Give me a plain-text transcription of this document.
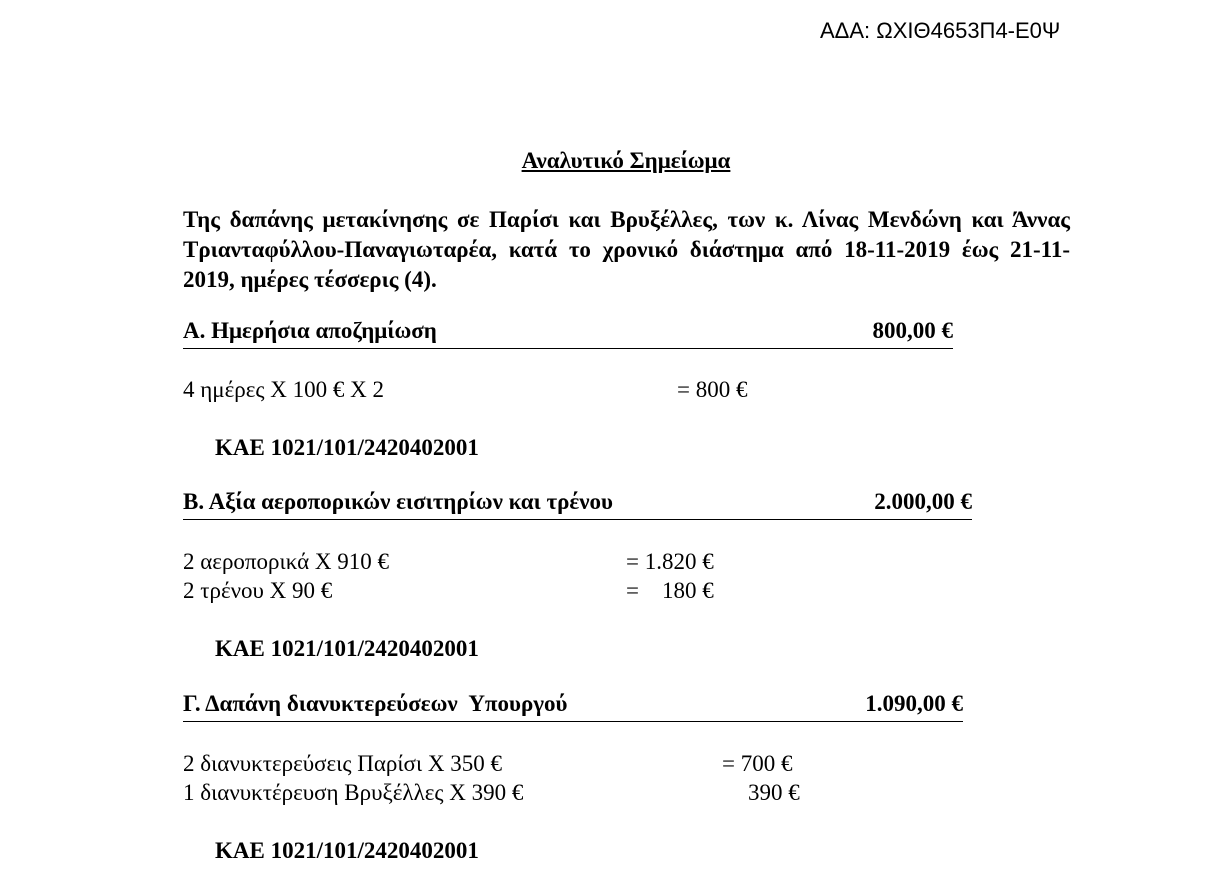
ΑΔΑ: ΩΧΙΘ4653Π4-Ε0Ψ
Αναλυτικό Σημείωμα
Της δαπάνης μετακίνησης σε Παρίσι και Βρυξέλλες, των κ. Λίνας Μενδώνη και Άννας Τριανταφύλλου-Παναγιωταρέα, κατά το χρονικό διάστημα από 18-11-2019 έως 21-11-2019, ημέρες τέσσερις (4).
Α. Ημερήσια αποζημίωση	800,00 €
4 ημέρες Χ 100 € Χ 2	= 800 €
ΚΑΕ 1021/101/2420402001
Β. Αξία αεροπορικών εισιτηρίων και τρένου	2.000,00 €
2 αεροπορικά Χ 910 €	= 1.820 €
2 τρένου Χ 90 €	=    180 €
ΚΑΕ 1021/101/2420402001
Γ. Δαπάνη διανυκτερεύσεων  Υπουργού	1.090,00 €
2 διανυκτερεύσεις Παρίσι Χ 350 €	= 700 €
1 διανυκτέρευση Βρυξέλλες Χ 390 €	390 €
ΚΑΕ 1021/101/2420402001
